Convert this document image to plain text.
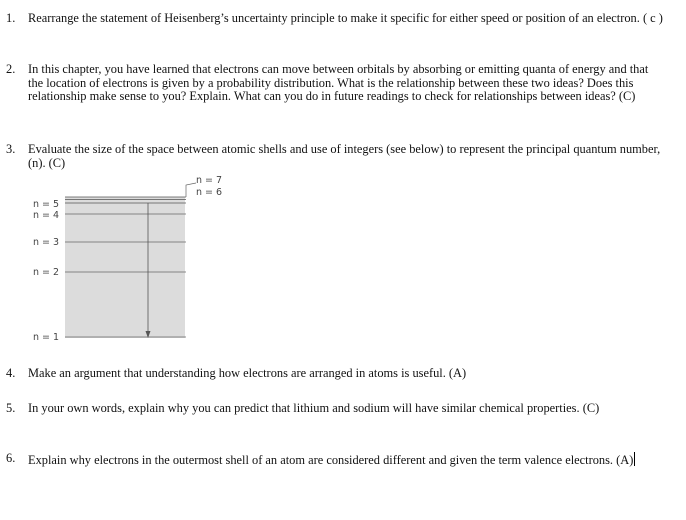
1.	Rearrange the statement of Heisenberg’s uncertainty principle to make it specific for either speed or position of an electron. ( c )
2.	In this chapter, you have learned that electrons can move between orbitals by absorbing or emitting quanta of energy and that the location of electrons is given by a probability distribution. What is the relationship between these two ideas? Does this relationship make sense to you? Explain. What can you do in future readings to check for relationships between ideas? (C)
3.	Evaluate the size of the space between atomic shells and use of integers (see below) to represent the principal quantum number, (n). (C)
n = 7
n = 6
n = 5
n = 4
n = 3
n = 2
n = 1
4.	Make an argument that understanding how electrons are arranged in atoms is useful. (A)
5.	In your own words, explain why you can predict that lithium and sodium will have similar chemical properties. (C)
6.	Explain why electrons in the outermost shell of an atom are considered different and given the term valence electrons. (A)
